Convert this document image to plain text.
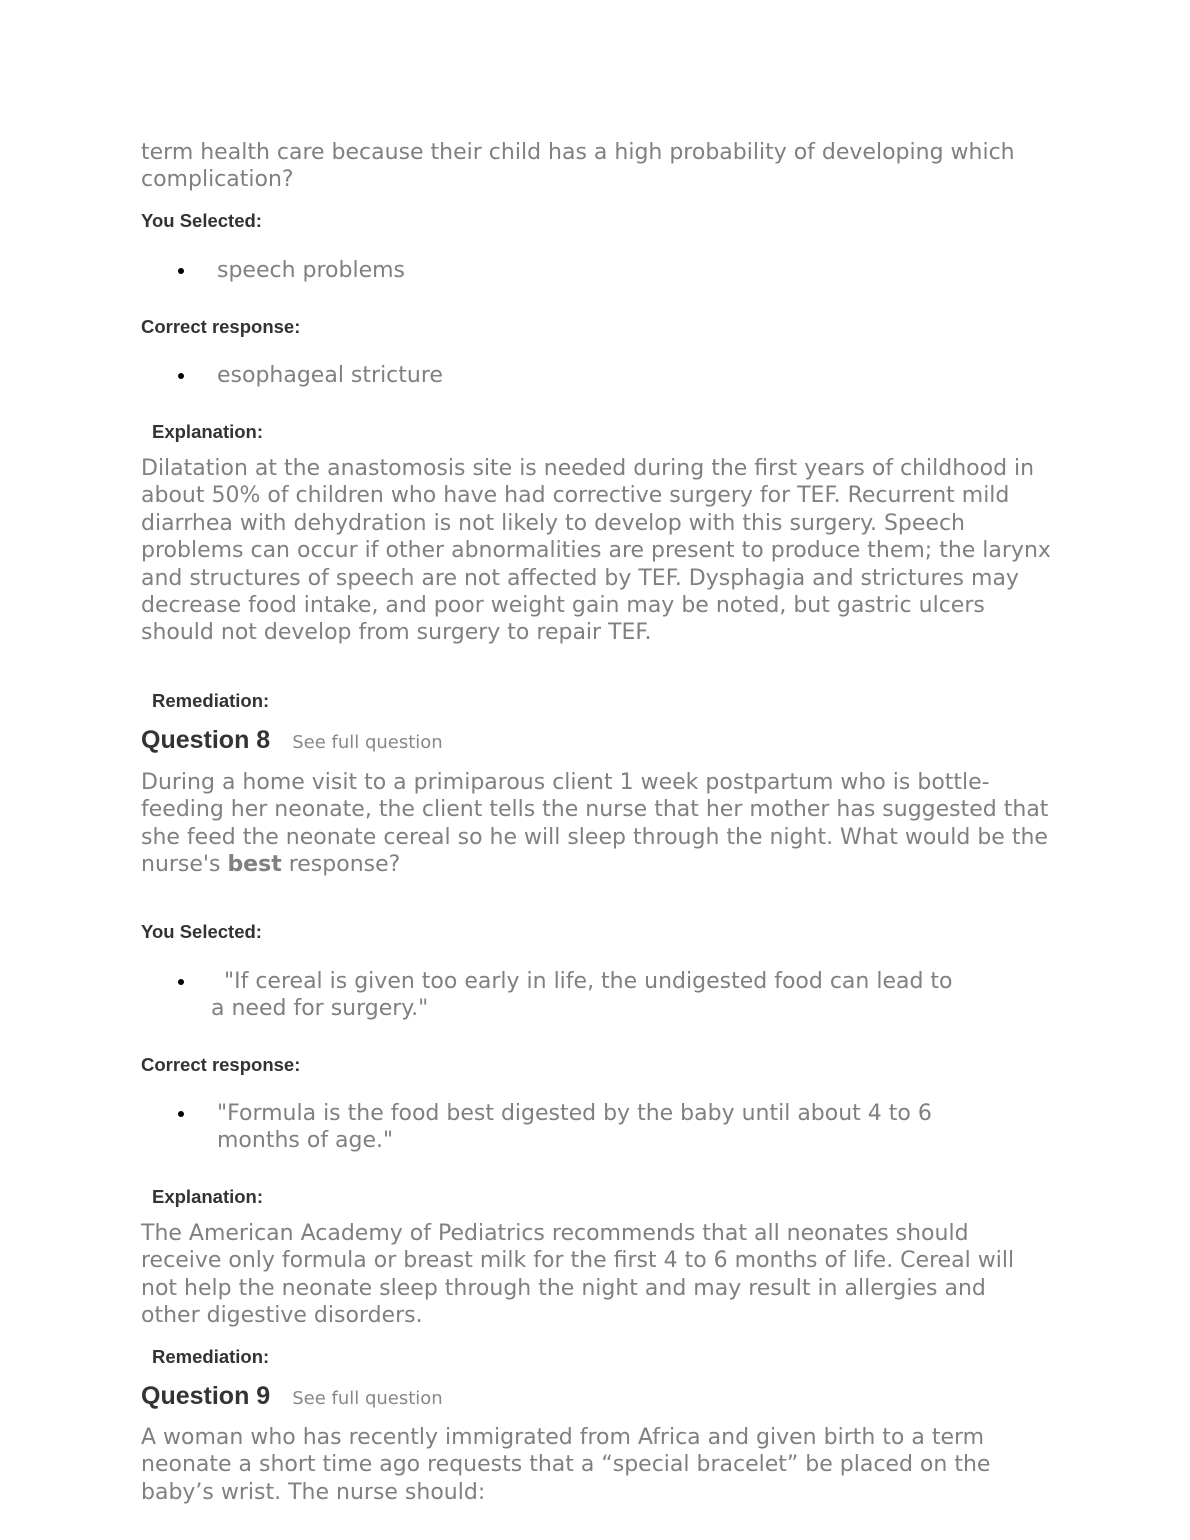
term health care because their child has a high probability of developing which complication?

You Selected:

speech problems

Correct response:

esophageal stricture

Explanation:

Dilatation at the anastomosis site is needed during the first years of childhood in about 50% of children who have had corrective surgery for TEF. Recurrent mild diarrhea with dehydration is not likely to develop with this surgery. Speech problems can occur if other abnormalities are present to produce them; the larynx and structures of speech are not affected by TEF. Dysphagia and strictures may decrease food intake, and poor weight gain may be noted, but gastric ulcers should not develop from surgery to repair TEF.

Remediation:

Question 8 See full question

During a home visit to a primiparous client 1 week postpartum who is bottle-feeding her neonate, the client tells the nurse that her mother has suggested that she feed the neonate cereal so he will sleep through the night. What would be the
nurse's best response?

You Selected:

"If cereal is given too early in life, the undigested food can lead to
a need for surgery."

Correct response:

"Formula is the food best digested by the baby until about 4 to 6 months of age."

Explanation:

The American Academy of Pediatrics recommends that all neonates should receive only formula or breast milk for the first 4 to 6 months of life. Cereal will not help the neonate sleep through the night and may result in allergies and other digestive disorders.

Remediation:

Question 9 See full question

A woman who has recently immigrated from Africa and given birth to a term neonate a short time ago requests that a “special bracelet” be placed on the baby’s wrist. The nurse should:
